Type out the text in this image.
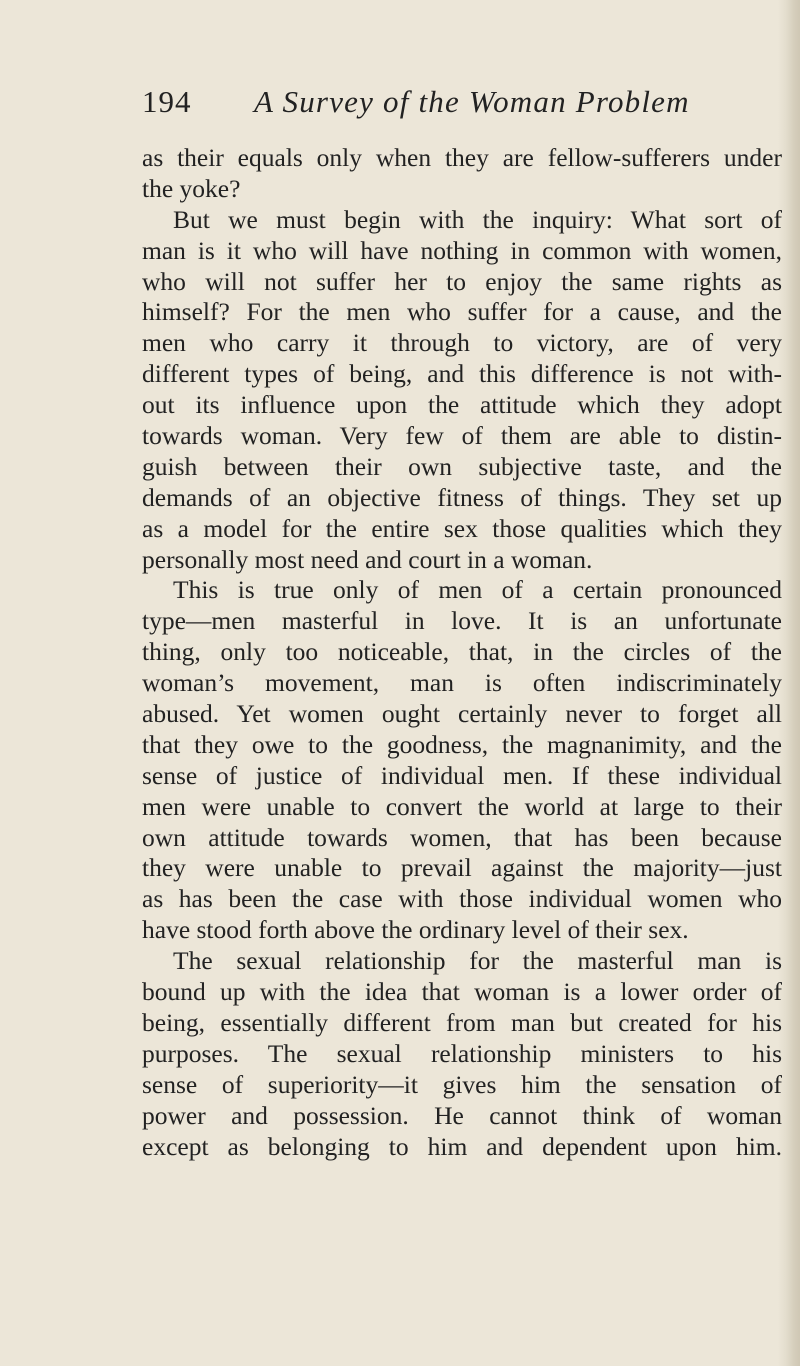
194 A Survey of the Woman Problem
as their equals only when they are fellow-sufferers under
the yoke?
But we must begin with the inquiry: What sort of
man is it who will have nothing in common with women,
who will not suffer her to enjoy the same rights as
himself? For the men who suffer for a cause, and the
men who carry it through to victory, are of very
different types of being, and this difference is not with-
out its influence upon the attitude which they adopt
towards woman. Very few of them are able to distin-
guish between their own subjective taste, and the
demands of an objective fitness of things. They set up
as a model for the entire sex those qualities which they
personally most need and court in a woman.
This is true only of men of a certain pronounced
type—men masterful in love. It is an unfortunate
thing, only too noticeable, that, in the circles of the
woman’s movement, man is often indiscriminately
abused. Yet women ought certainly never to forget all
that they owe to the goodness, the magnanimity, and the
sense of justice of individual men. If these individual
men were unable to convert the world at large to their
own attitude towards women, that has been because
they were unable to prevail against the majority—just
as has been the case with those individual women who
have stood forth above the ordinary level of their sex.
The sexual relationship for the masterful man is
bound up with the idea that woman is a lower order of
being, essentially different from man but created for his
purposes. The sexual relationship ministers to his
sense of superiority—it gives him the sensation of
power and possession. He cannot think of woman
except as belonging to him and dependent upon him.
